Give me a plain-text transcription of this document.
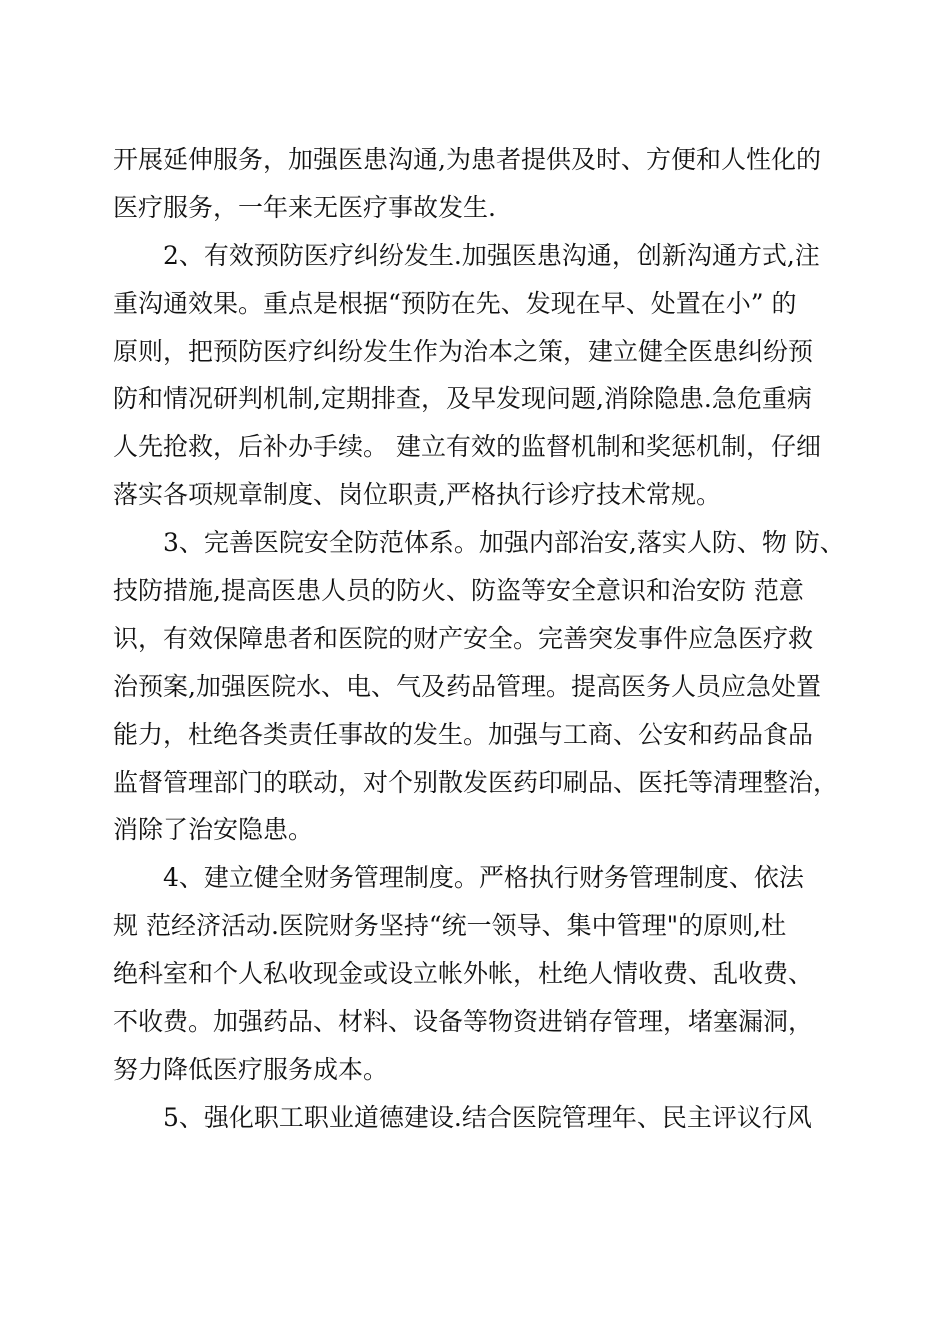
开展延伸服务，加强医患沟通,为患者提供及时、方便和人性化的
医疗服务，一年来无医疗事故发生.
2、有效预防医疗纠纷发生.加强医患沟通，创新沟通方式,注
重沟通效果。重点是根据“预防在先、发现在早、处置在小” 的
原则，把预防医疗纠纷发生作为治本之策，建立健全医患纠纷预
防和情况研判机制,定期排查，及早发现问题,消除隐患.急危重病
人先抢救，后补办手续。 建立有效的监督机制和奖惩机制，仔细
落实各项规章制度、岗位职责,严格执行诊疗技术常规。
3、完善医院安全防范体系。加强内部治安,落实人防、物 防、
技防措施,提高医患人员的防火、防盗等安全意识和治安防 范意
识，有效保障患者和医院的财产安全。完善突发事件应急医疗救
治预案,加强医院水、电、气及药品管理。提高医务人员应急处置
能力，杜绝各类责任事故的发生。加强与工商、公安和药品食品
监督管理部门的联动，对个别散发医药印刷品、医托等清理整治，
消除了治安隐患。
4、建立健全财务管理制度。严格执行财务管理制度、依法
规 范经济活动.医院财务坚持“统一领导、集中管理"的原则,杜
绝科室和个人私收现金或设立帐外帐，杜绝人情收费、乱收费、
不收费。加强药品、材料、设备等物资进销存管理，堵塞漏洞，
努力降低医疗服务成本。
5、强化职工职业道德建设.结合医院管理年、民主评议行风
